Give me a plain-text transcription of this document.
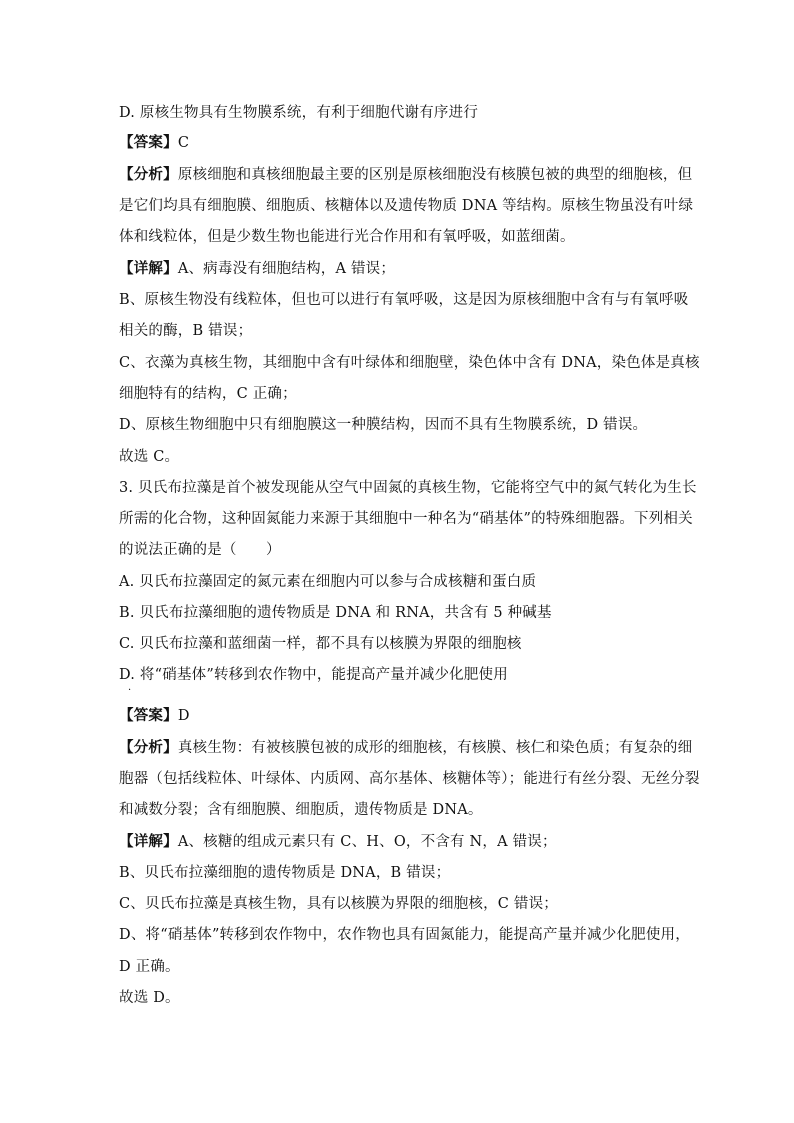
D. 原核生物具有生物膜系统，有利于细胞代谢有序进行
【答案】C
【分析】原核细胞和真核细胞最主要的区别是原核细胞没有核膜包被的典型的细胞核，但
是它们均具有细胞膜、细胞质、核糖体以及遗传物质 DNA 等结构。原核生物虽没有叶绿
体和线粒体，但是少数生物也能进行光合作用和有氧呼吸，如蓝细菌。
【详解】A、病毒没有细胞结构，A 错误；
B、原核生物没有线粒体，但也可以进行有氧呼吸，这是因为原核细胞中含有与有氧呼吸
相关的酶，B 错误；
C、衣藻为真核生物，其细胞中含有叶绿体和细胞壁，染色体中含有 DNA，染色体是真核
细胞特有的结构，C 正确；
D、原核生物细胞中只有细胞膜这一种膜结构，因而不具有生物膜系统，D 错误。
故选 C。
3. 贝氏布拉藻是首个被发现能从空气中固氮的真核生物，它能将空气中的氮气转化为生长
所需的化合物，这种固氮能力来源于其细胞中一种名为“硝基体”的特殊细胞器。下列相关
的说法正确的是（　　）
A. 贝氏布拉藻固定的氮元素在细胞内可以参与合成核糖和蛋白质
B. 贝氏布拉藻细胞的遗传物质是 DNA 和 RNA，共含有 5 种碱基
C. 贝氏布拉藻和蓝细菌一样，都不具有以核膜为界限的细胞核
D. 将“硝基体”转移到农作物中，能提高产量并减少化肥使用
·
【答案】D
【分析】真核生物：有被核膜包被的成形的细胞核，有核膜、核仁和染色质；有复杂的细
胞器（包括线粒体、叶绿体、内质网、高尔基体、核糖体等）；能进行有丝分裂、无丝分裂
和减数分裂；含有细胞膜、细胞质，遗传物质是 DNA。
【详解】A、核糖的组成元素只有 C、H、O，不含有 N，A 错误；
B、贝氏布拉藻细胞的遗传物质是 DNA，B 错误；
C、贝氏布拉藻是真核生物，具有以核膜为界限的细胞核，C 错误；
D、将“硝基体”转移到农作物中，农作物也具有固氮能力，能提高产量并减少化肥使用，
D 正确。
故选 D。
